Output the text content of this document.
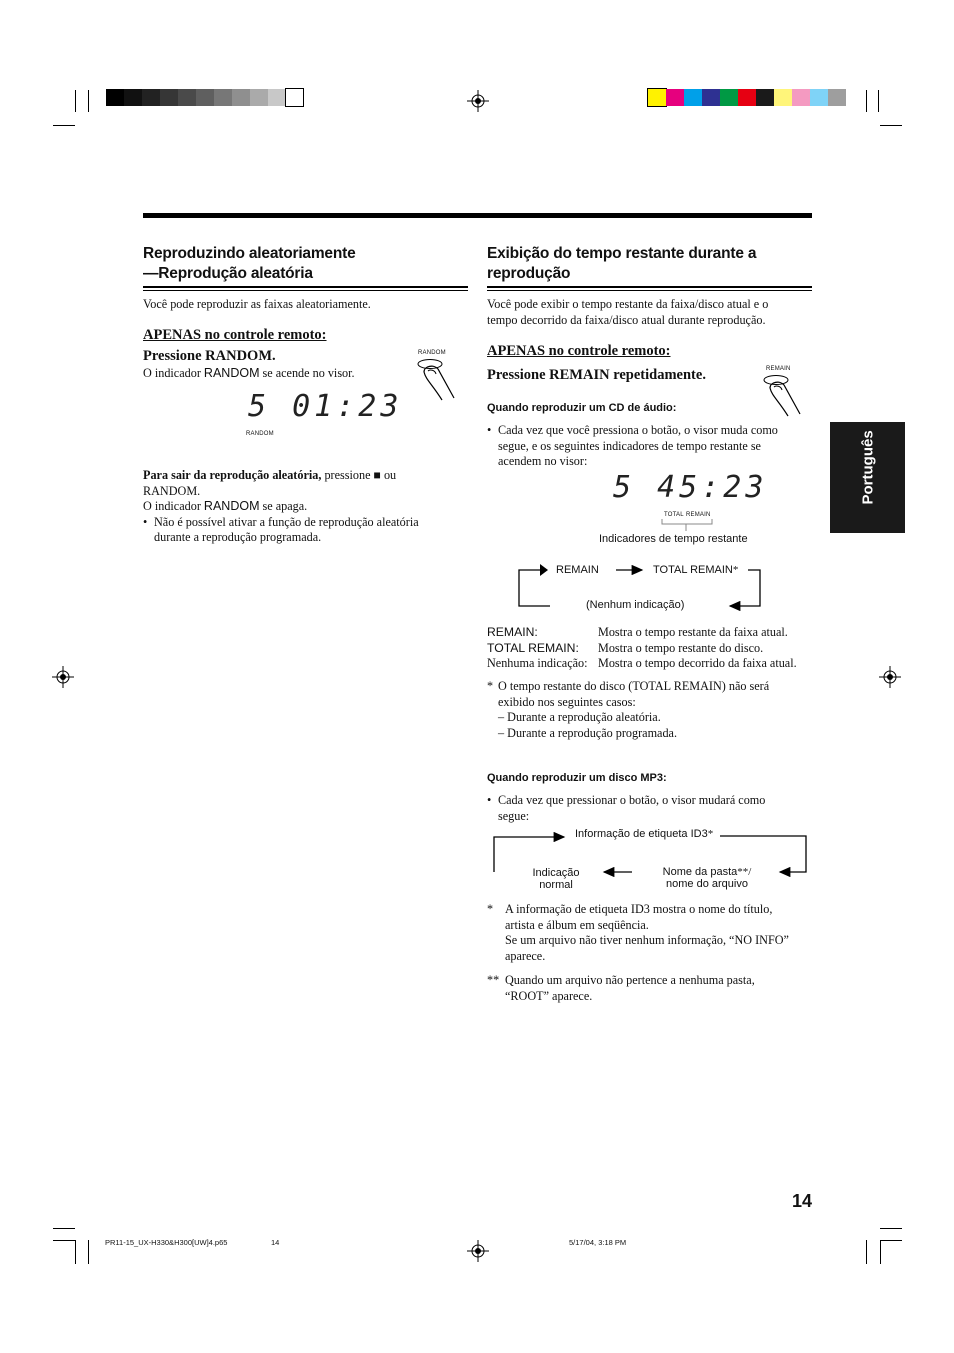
Reproduzindo aleatoriamente
—Reprodução aleatória
Você pode reproduzir as faixas aleatoriamente.
APENAS no controle remoto:
Pressione RANDOM.
O indicador RANDOM se acende no visor.
RANDOM
5 01:23
RANDOM
Para sair da reprodução aleatória, pressione ■ ou
RANDOM.
O indicador RANDOM se apaga.
• Não é possível ativar a função de reprodução aleatória
durante a reprodução programada.
Exibição do tempo restante durante a
reprodução
Você pode exibir o tempo restante da faixa/disco atual e o
tempo decorrido da faixa/disco atual durante reprodução.
APENAS no controle remoto:
Pressione REMAIN repetidamente.	REMAIN
Quando reproduzir um CD de áudio:
• Cada vez que você pressiona o botão, o visor muda como
segue, e os seguintes indicadores de tempo restante se
acendem no visor:
5 45:23
TOTAL REMAIN
Indicadores de tempo restante
REMAIN	TOTAL REMAIN*
(Nenhum indicação)
REMAIN:	Mostra o tempo restante da faixa atual.
TOTAL REMAIN: Mostra o tempo restante do disco.
Nenhuma indicação: Mostra o tempo decorrido da faixa atual.
* O tempo restante do disco (TOTAL REMAIN) não será
exibido nos seguintes casos:
– Durante a reprodução aleatória.
– Durante a reprodução programada.
Quando reproduzir um disco MP3:
• Cada vez que pressionar o botão, o visor mudará como
segue:
Informação de etiqueta ID3*
Nome da pasta**/
nome do arquivo
Indicação
normal
* A informação de etiqueta ID3 mostra o nome do título,
artista e álbum em seqüência.
Se um arquivo não tiver nenhum informação, “NO INFO”
aparece.
** Quando um arquivo não pertence a nenhuma pasta,
“ROOT” aparece.
Português
14
PR11-15_UX-H330&H300[UW]4.p65	14	5/17/04, 3:18 PM
